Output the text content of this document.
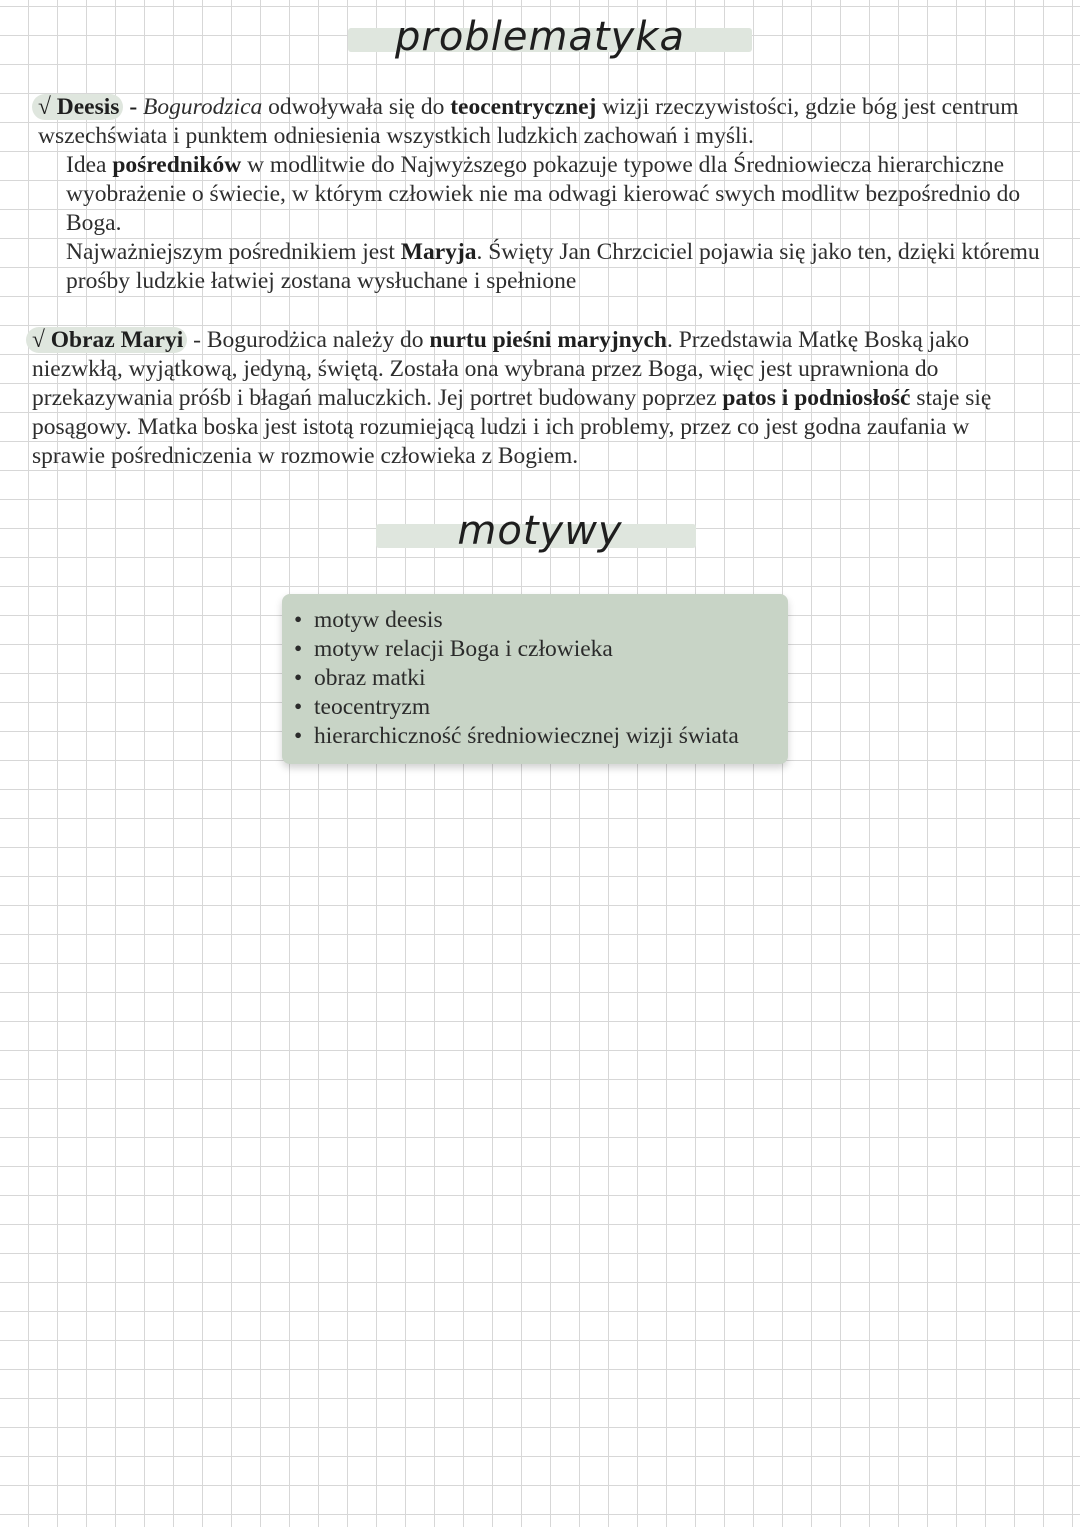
problematyka

√ Deesis - Bogurodzica odwoływała się do teocentrycznej wizji rzeczywistości, gdzie bóg jest centrum wszechświata i punktem odniesienia wszystkich ludzkich zachowań i myśli.

Idea pośredników w modlitwie do Najwyższego pokazuje typowe dla Średniowiecza hierarchiczne wyobrażenie o świecie, w którym człowiek nie ma odwagi kierować swych modlitw bezpośrednio do Boga.

Najważniejszym pośrednikiem jest Maryja. Święty Jan Chrzciciel pojawia się jako ten, dzięki któremu prośby ludzkie łatwiej zostana wysłuchane i spełnione

√ Obraz Maryi - Bogurodżica należy do nurtu pieśni maryjnych. Przedstawia Matkę Boską jako niezwkłą, wyjątkową, jedyną, świętą. Została ona wybrana przez Boga, więc jest uprawniona do przekazywania próśb i błagań maluczkich. Jej portret budowany poprzez patos i podniosłość staje się posągowy. Matka boska jest istotą rozumiejącą ludzi i ich problemy, przez co jest godna zaufania w sprawie pośredniczenia w rozmowie człowieka z Bogiem.

motywy
• motyw deesis
• motyw relacji Boga i człowieka
• obraz matki
• teocentryzm
• hierarchiczność średniowiecznej wizji świata
